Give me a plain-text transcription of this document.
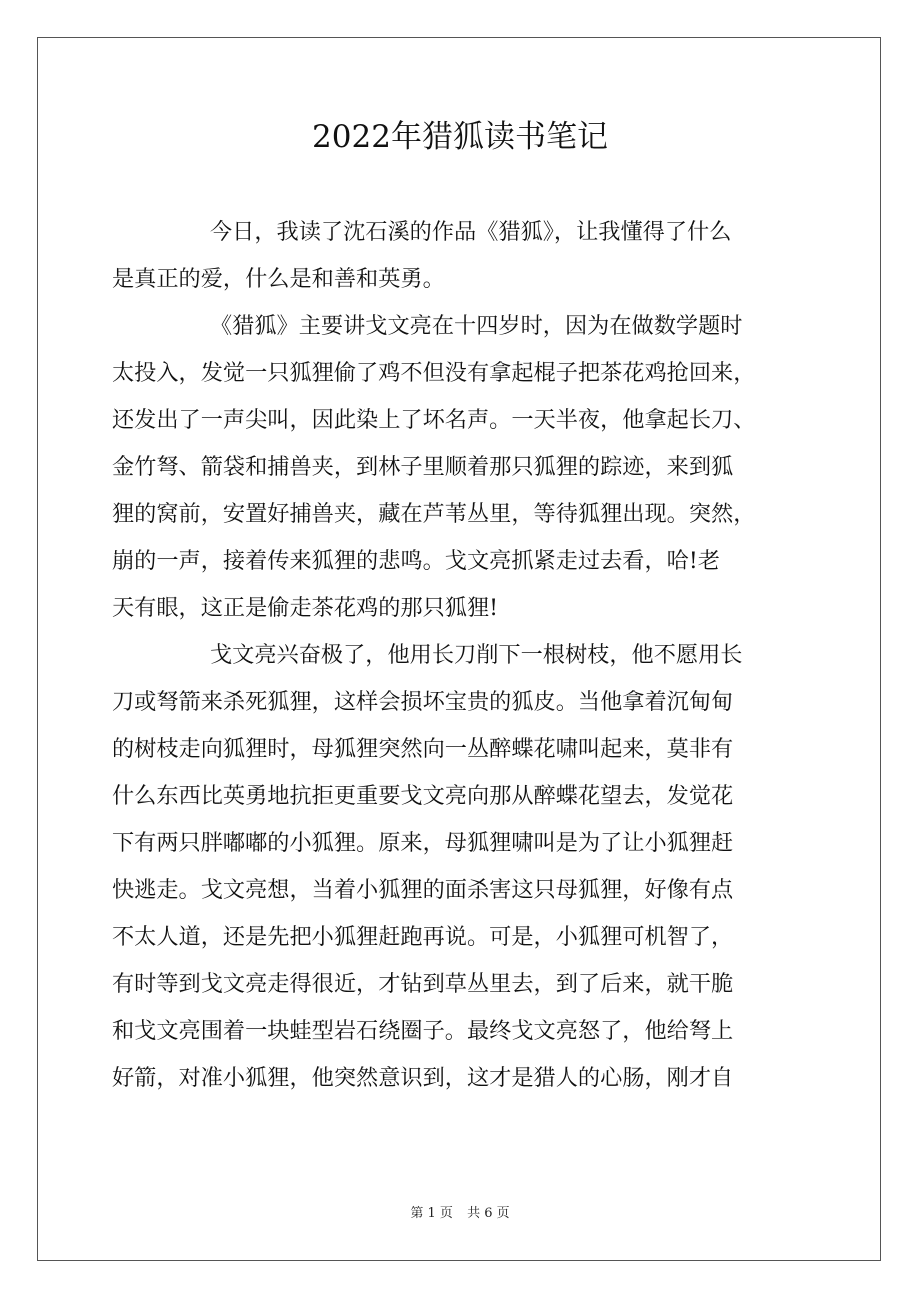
2022年猎狐读书笔记
今日，我读了沈石溪的作品《猎狐》，让我懂得了什么
是真正的爱，什么是和善和英勇。
《猎狐》主要讲戈文亮在十四岁时，因为在做数学题时
太投入，发觉一只狐狸偷了鸡不但没有拿起棍子把茶花鸡抢回来，
还发出了一声尖叫，因此染上了坏名声。一天半夜，他拿起长刀、
金竹弩、箭袋和捕兽夹，到林子里顺着那只狐狸的踪迹，来到狐
狸的窝前，安置好捕兽夹，藏在芦苇丛里，等待狐狸出现。突然，
崩的一声，接着传来狐狸的悲鸣。戈文亮抓紧走过去看，哈!老
天有眼，这正是偷走茶花鸡的那只狐狸!
戈文亮兴奋极了，他用长刀削下一根树枝，他不愿用长
刀或弩箭来杀死狐狸，这样会损坏宝贵的狐皮。当他拿着沉甸甸
的树枝走向狐狸时，母狐狸突然向一丛醉蝶花啸叫起来，莫非有
什么东西比英勇地抗拒更重要戈文亮向那从醉蝶花望去，发觉花
下有两只胖嘟嘟的小狐狸。原来，母狐狸啸叫是为了让小狐狸赶
快逃走。戈文亮想，当着小狐狸的面杀害这只母狐狸，好像有点
不太人道，还是先把小狐狸赶跑再说。可是，小狐狸可机智了，
有时等到戈文亮走得很近，才钻到草丛里去，到了后来，就干脆
和戈文亮围着一块蛙型岩石绕圈子。最终戈文亮怒了，他给弩上
好箭，对准小狐狸，他突然意识到，这才是猎人的心肠，刚才自
第 1 页 共 6 页
